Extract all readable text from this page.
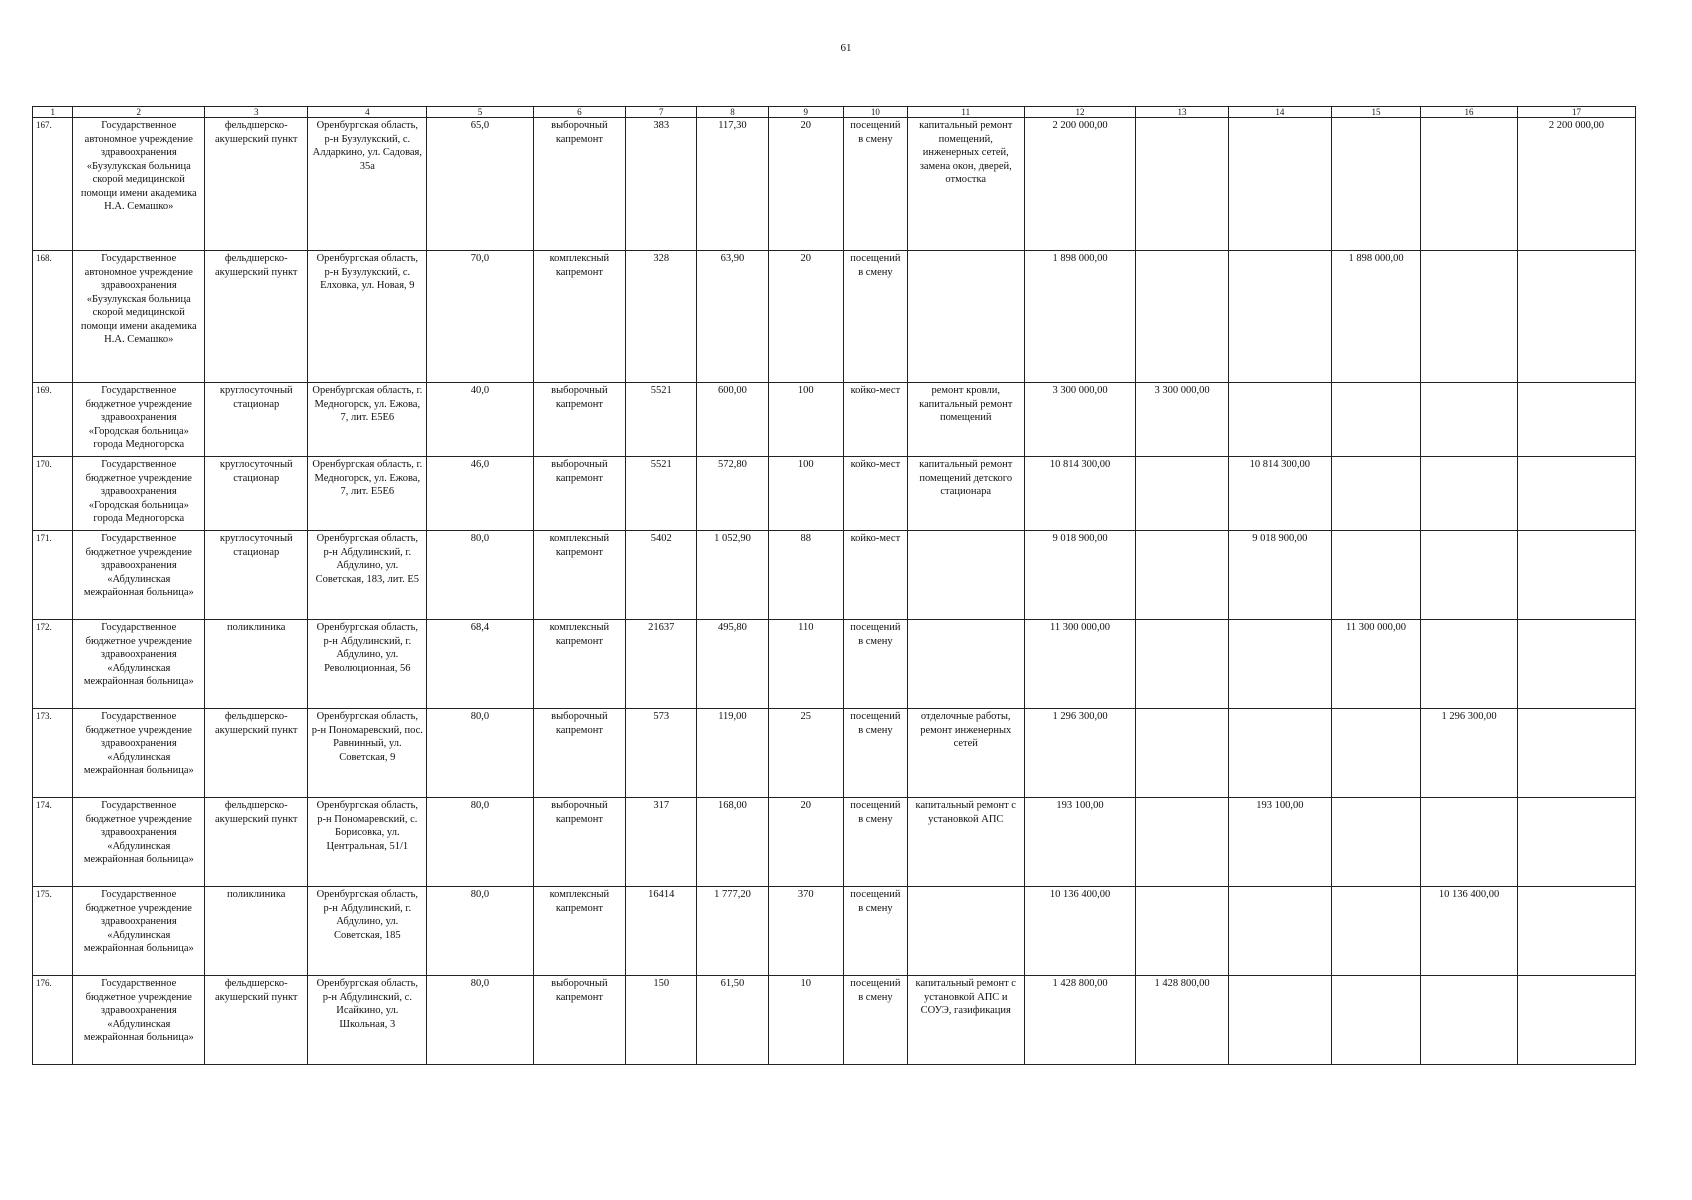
61
1	2	3	4	5	6	7	8	9	10	11	12	13	14	15	16	17
167.	Государственное автономное учреждение здравоохранения «Бузулукская больница скорой медицинской помощи имени академика Н.А. Семашко»	фельдшерско-акушерский пункт	Оренбургская область, р-н Бузулукский, с. Алдаркино, ул. Садовая, 35а	65,0	выборочный капремонт	383	117,30	20	посещений в смену	капитальный ремонт помещений, инженерных сетей, замена окон, дверей, отмостка	2 200 000,00					2 200 000,00
168.	Государственное автономное учреждение здравоохранения «Бузулукская больница скорой медицинской помощи имени академика Н.А. Семашко»	фельдшерско-акушерский пункт	Оренбургская область, р-н Бузулукский, с. Елховка, ул. Новая, 9	70,0	комплексный капремонт	328	63,90	20	посещений в смену		1 898 000,00			1 898 000,00		
169.	Государственное бюджетное учреждение здравоохранения «Городская больница» города Медногорска	круглосуточный стационар	Оренбургская область, г. Медногорск, ул. Ежова, 7, лит. Е5Е6	40,0	выборочный капремонт	5521	600,00	100	койко-мест	ремонт кровли, капитальный ремонт помещений	3 300 000,00	3 300 000,00				
170.	Государственное бюджетное учреждение здравоохранения «Городская больница» города Медногорска	круглосуточный стационар	Оренбургская область, г. Медногорск, ул. Ежова, 7, лит. Е5Е6	46,0	выборочный капремонт	5521	572,80	100	койко-мест	капитальный ремонт помещений детского стационара	10 814 300,00		10 814 300,00			
171.	Государственное бюджетное учреждение здравоохранения «Абдулинская межрайонная больница»	круглосуточный стационар	Оренбургская область, р-н Абдулинский, г. Абдулино, ул. Советская, 183, лит. Е5	80,0	комплексный капремонт	5402	1 052,90	88	койко-мест		9 018 900,00		9 018 900,00			
172.	Государственное бюджетное учреждение здравоохранения «Абдулинская межрайонная больница»	поликлиника	Оренбургская область, р-н Абдулинский, г. Абдулино, ул. Революционная, 56	68,4	комплексный капремонт	21637	495,80	110	посещений в смену		11 300 000,00			11 300 000,00		
173.	Государственное бюджетное учреждение здравоохранения «Абдулинская межрайонная больница»	фельдшерско-акушерский пункт	Оренбургская область, р-н Пономаревский, пос. Равнинный, ул. Советская, 9	80,0	выборочный капремонт	573	119,00	25	посещений в смену	отделочные работы, ремонт инженерных сетей	1 296 300,00				1 296 300,00	
174.	Государственное бюджетное учреждение здравоохранения «Абдулинская межрайонная больница»	фельдшерско-акушерский пункт	Оренбургская область, р-н Пономаревский, с. Борисовка, ул. Центральная, 51/1	80,0	выборочный капремонт	317	168,00	20	посещений в смену	капитальный ремонт с установкой АПС	193 100,00		193 100,00			
175.	Государственное бюджетное учреждение здравоохранения «Абдулинская межрайонная больница»	поликлиника	Оренбургская область, р-н Абдулинский, г. Абдулино, ул. Советская, 185	80,0	комплексный капремонт	16414	1 777,20	370	посещений в смену		10 136 400,00				10 136 400,00	
176.	Государственное бюджетное учреждение здравоохранения «Абдулинская межрайонная больница»	фельдшерско-акушерский пункт	Оренбургская область, р-н Абдулинский, с. Исайкино, ул. Школьная, 3	80,0	выборочный капремонт	150	61,50	10	посещений в смену	капитальный ремонт с установкой АПС и СОУЭ, газификация	1 428 800,00	1 428 800,00				
